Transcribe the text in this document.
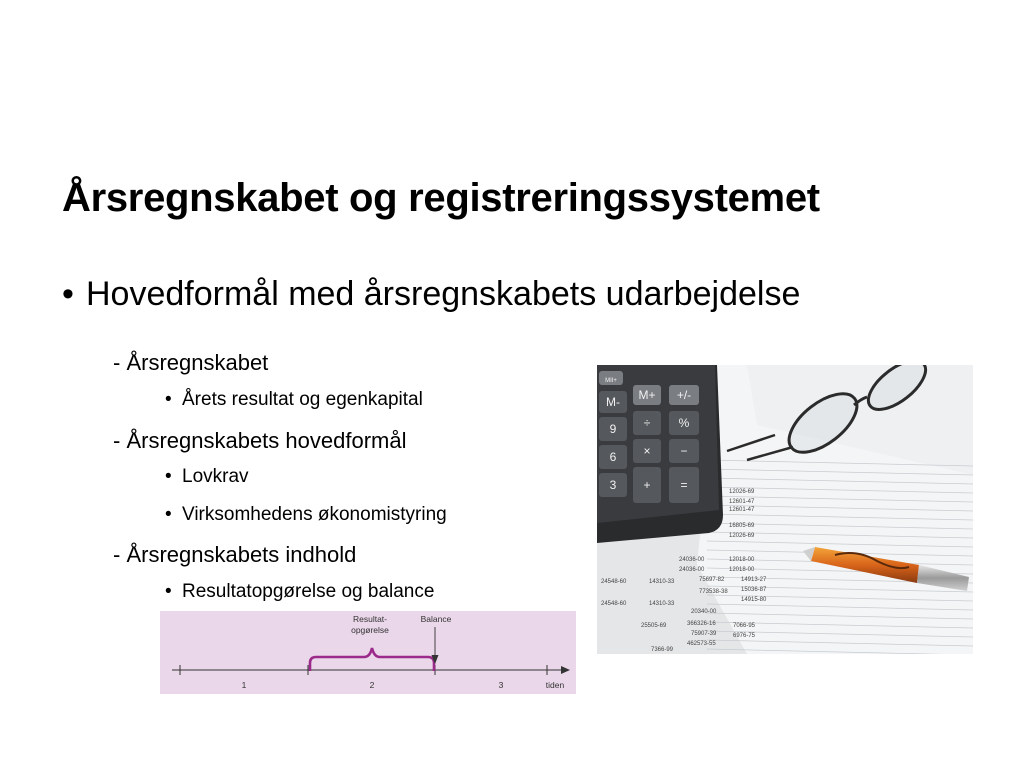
Årsregnskabet og registreringssystemet
• Hovedformål med årsregnskabets udarbejdelse
- Årsregnskabet
• Årets resultat og egenkapital
- Årsregnskabets hovedformål
• Lovkrav
• Virksomhedens økonomistyring
- Årsregnskabets indhold
• Resultatopgørelse og balance
Resultat-
opgørelse
Balance
1	2	3	tiden
24548-60	14310-33	75697-82	14913-27
15036-87
773538-38
14915-80
24548-60	14310-33
24036-00	12018-00
24036-00	12018-00
20340-00
25505-69	366326-16	7066-95
75907-39	6976-75
462573-55
7366-99
16805-69
12026-69
12026-69
12601-47
12601-47
MII+
M+ +/-
M-
÷ %
9
× −
6
+ =
3
